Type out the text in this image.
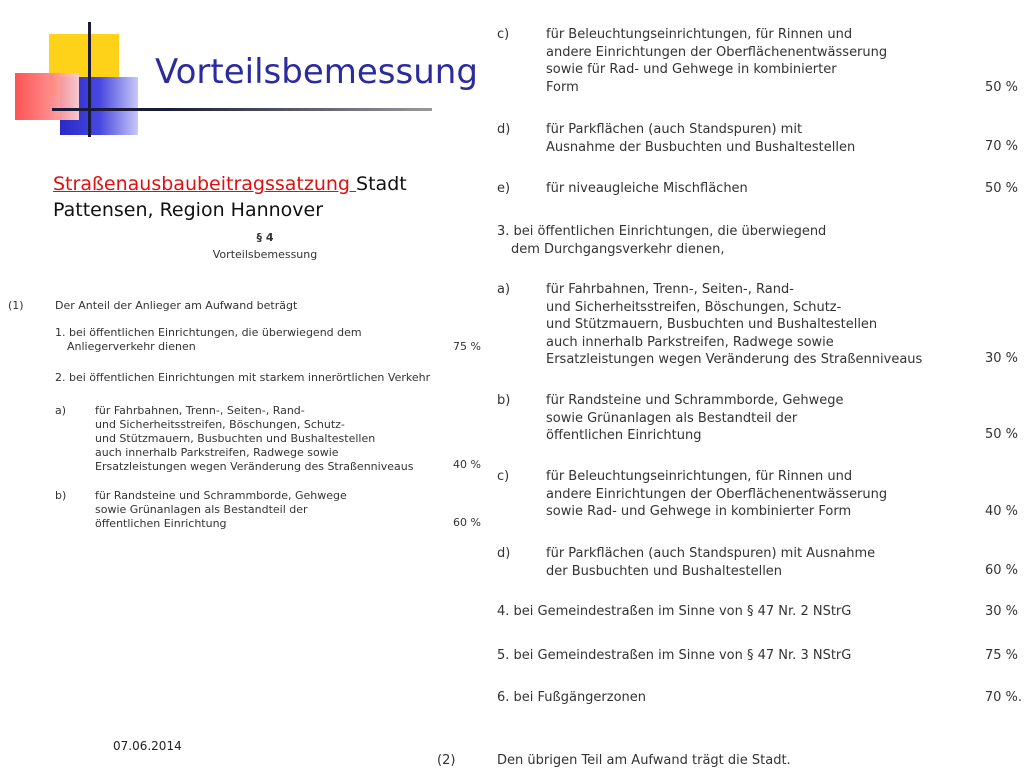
Vorteilsbemessung
Straßenausbaubeitragssatzung Stadt Pattensen, Region Hannover
§ 4
Vorteilsbemessung
(1)	Der Anteil der Anlieger am Aufwand beträgt
1. bei öffentlichen Einrichtungen, die überwiegend dem
Anliegerverkehr dienen	75 %
2. bei öffentlichen Einrichtungen mit starkem innerörtlichen Verkehr
a)	für Fahrbahnen, Trenn-, Seiten-, Rand-
und Sicherheitsstreifen, Böschungen, Schutz-
und Stützmauern, Busbuchten und Bushaltestellen
auch innerhalb Parkstreifen, Radwege sowie
Ersatzleistungen wegen Veränderung des Straßenniveaus	40 %
b)	für Randsteine und Schrammborde, Gehwege
sowie Grünanlagen als Bestandteil der
öffentlichen Einrichtung	60 %
(2)
c)	für Beleuchtungseinrichtungen, für Rinnen und
andere Einrichtungen der Oberflächenentwässerung
sowie für Rad- und Gehwege in kombinierter
Form	50 %
d)	für Parkflächen (auch Standspuren) mit
Ausnahme der Busbuchten und Bushaltestellen	70 %
e)	für niveaugleiche Mischflächen	50 %
3. bei öffentlichen Einrichtungen, die überwiegend
dem Durchgangsverkehr dienen,
a)	für Fahrbahnen, Trenn-, Seiten-, Rand-
und Sicherheitsstreifen, Böschungen, Schutz-
und Stützmauern, Busbuchten und Bushaltestellen
auch innerhalb Parkstreifen, Radwege sowie
Ersatzleistungen wegen Veränderung des Straßenniveaus	30 %
b)	für Randsteine und Schrammborde, Gehwege
sowie Grünanlagen als Bestandteil der
öffentlichen Einrichtung	50 %
c)	für Beleuchtungseinrichtungen, für Rinnen und
andere Einrichtungen der Oberflächenentwässerung
sowie Rad- und Gehwege in kombinierter Form	40 %
d)	für Parkflächen (auch Standspuren) mit Ausnahme
der Busbuchten und Bushaltestellen	60 %
4. bei Gemeindestraßen im Sinne von § 47 Nr. 2 NStrG	30 %
5. bei Gemeindestraßen im Sinne von § 47 Nr. 3 NStrG	75 %
6. bei Fußgängerzonen	70 %.
Den übrigen Teil am Aufwand trägt die Stadt.
07.06.2014
